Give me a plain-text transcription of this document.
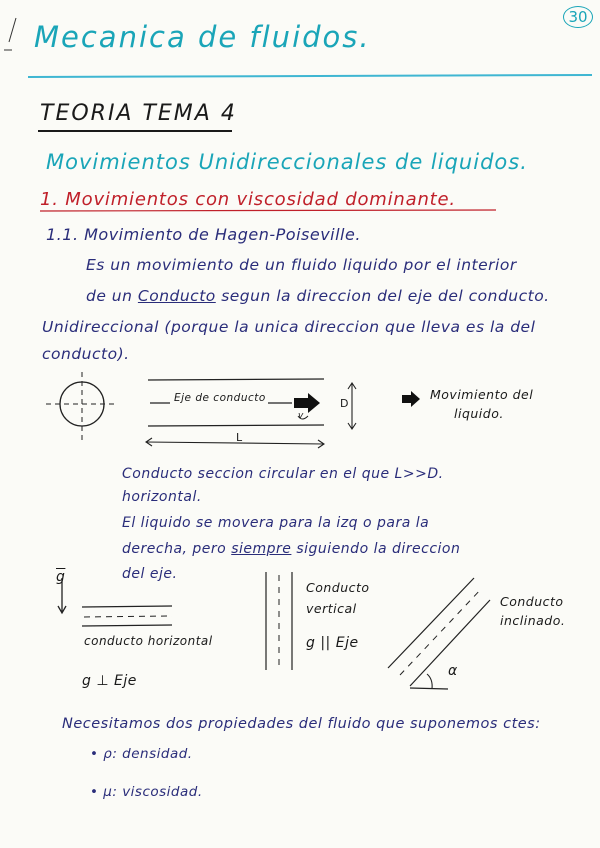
Mecanica de fluidos.
30
TEORIA TEMA 4
Movimientos Unidireccionales de liquidos.
1. Movimientos con viscosidad dominante.
1.1. Movimiento de Hagen-Poiseville.
Es un movimiento de un fluido liquido por el interior
de un Conducto segun la direccion del eje del conducto.
Unidireccional (porque la unica direccion que lleva es la del
conducto).
Eje de conducto
v
D
L
Movimiento del
liquido.
Conducto seccion circular en el que L>>D.
horizontal.
El liquido se movera para la izq o para la
derecha, pero siempre siguiendo la direccion
del eje.
$\overline{g}$
conducto horizontal
g ⊥ Eje
Conducto
vertical
g || Eje
Conducto
inclinado.
α
Necesitamos dos propiedades del fluido que suponemos ctes:
• ρ: densidad.
• μ: viscosidad.
